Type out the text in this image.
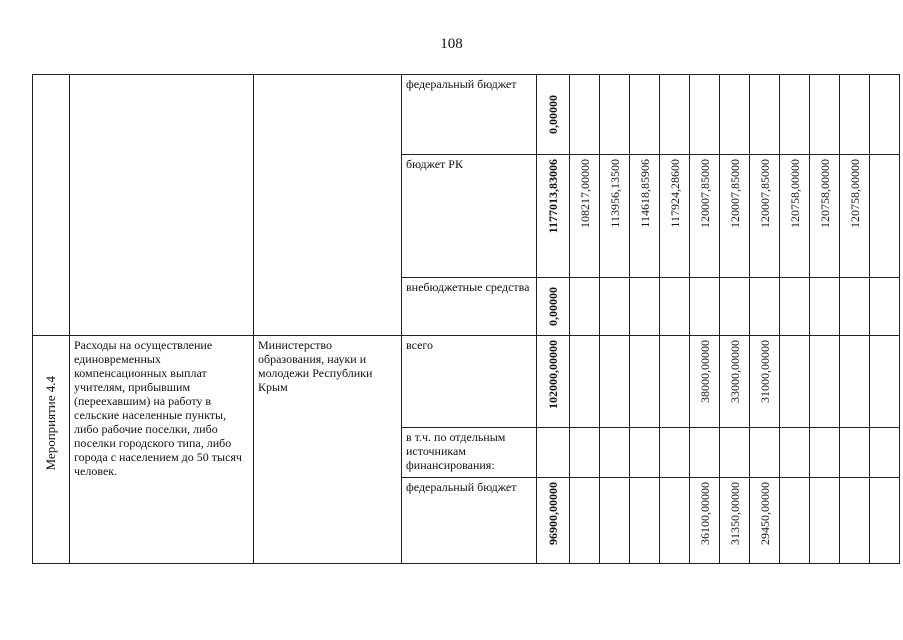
108
			федеральный бюджет	0,00000											

			бюджет РК	1177013,83006	108217,00000	113956,13500	114618,85906	117924,28600	120007,85000	120007,85000	120007,85000	120758,00000	120758,00000	120758,00000	

			внебюджетные средства	0,00000											

Мероприятие 4.4	Расходы на осуществление единовременных компенсационных выплат учителям, прибывшим (переехавшим) на работу в сельские населенные пункты, либо рабочие поселки, либо поселки городского типа, либо города с населением до 50 тысяч человек.	Министерство образования, науки и молодежи Республики Крым	всего	102000,00000					38000,00000	33000,00000	31000,00000				

			в т.ч. по отдельным источникам финансирования:												
			федеральный бюджет	96900,00000					36100,00000	31350,00000	29450,00000				
